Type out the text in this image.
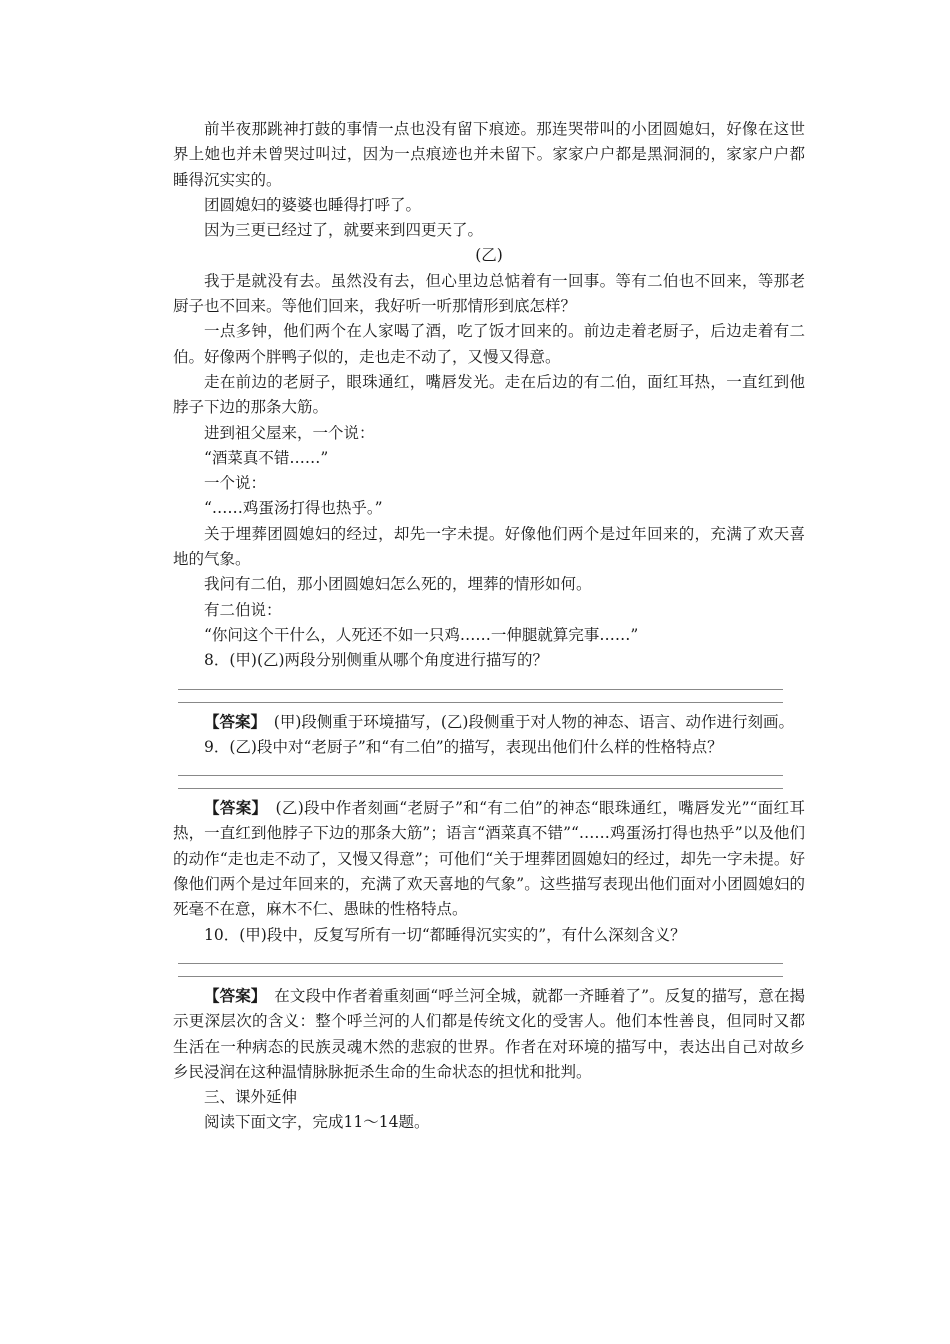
前半夜那跳神打鼓的事情一点也没有留下痕迹。那连哭带叫的小团圆媳妇，好像在这世界上她也并未曾哭过叫过，因为一点痕迹也并未留下。家家户户都是黑洞洞的，家家户户都睡得沉实实的。

团圆媳妇的婆婆也睡得打呼了。

因为三更已经过了，就要来到四更天了。

(乙)

我于是就没有去。虽然没有去，但心里边总惦着有一回事。等有二伯也不回来，等那老厨子也不回来。等他们回来，我好听一听那情形到底怎样？

一点多钟，他们两个在人家喝了酒，吃了饭才回来的。前边走着老厨子，后边走着有二伯。好像两个胖鸭子似的，走也走不动了，又慢又得意。

走在前边的老厨子，眼珠通红，嘴唇发光。走在后边的有二伯，面红耳热，一直红到他脖子下边的那条大筋。

进到祖父屋来，一个说：

“酒菜真不错……”

一个说：

“……鸡蛋汤打得也热乎。”

关于埋葬团圆媳妇的经过，却先一字未提。好像他们两个是过年回来的，充满了欢天喜地的气象。

我问有二伯，那小团圆媳妇怎么死的，埋葬的情形如何。

有二伯说：

“你问这个干什么，人死还不如一只鸡……一伸腿就算完事……”

8．(甲)(乙)两段分别侧重从哪个角度进行描写的？

【答案】　(甲)段侧重于环境描写，(乙)段侧重于对人物的神态、语言、动作进行刻画。

9．(乙)段中对“老厨子”和“有二伯”的描写，表现出他们什么样的性格特点？

【答案】　(乙)段中作者刻画“老厨子”和“有二伯”的神态“眼珠通红，嘴唇发光”“面红耳热，一直红到他脖子下边的那条大筋”；语言“酒菜真不错”“……鸡蛋汤打得也热乎”以及他们的动作“走也走不动了，又慢又得意”；可他们“关于埋葬团圆媳妇的经过，却先一字未提。好像他们两个是过年回来的，充满了欢天喜地的气象”。这些描写表现出他们面对小团圆媳妇的死毫不在意，麻木不仁、愚昧的性格特点。

10．(甲)段中，反复写所有一切“都睡得沉实实的”，有什么深刻含义？

【答案】　在文段中作者着重刻画“呼兰河全城，就都一齐睡着了”。反复的描写，意在揭示更深层次的含义：整个呼兰河的人们都是传统文化的受害人。他们本性善良，但同时又都生活在一种病态的民族灵魂木然的悲寂的世界。作者在对环境的描写中，表达出自己对故乡乡民浸润在这种温情脉脉扼杀生命的生命状态的担忧和批判。

三、课外延伸

阅读下面文字，完成11～14题。
